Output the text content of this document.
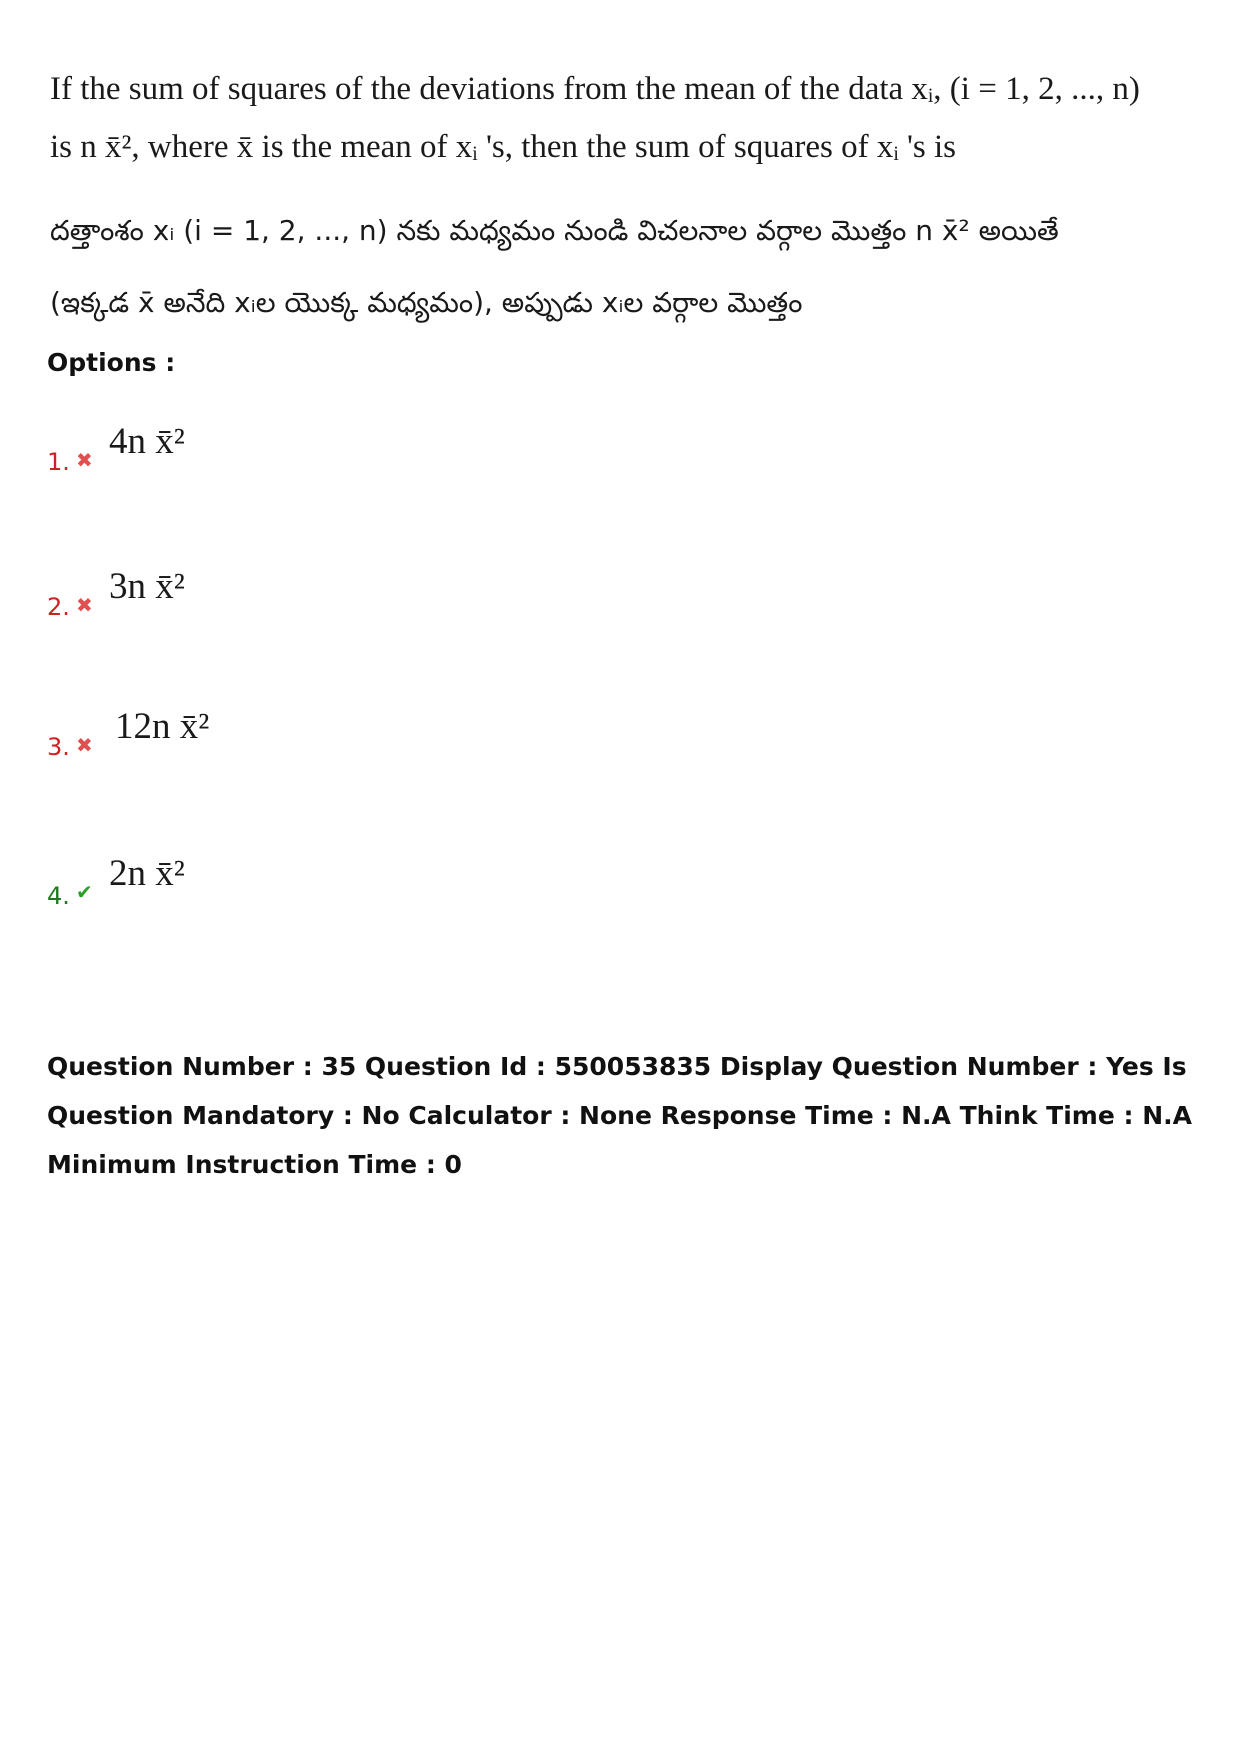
If the sum of squares of the deviations from the mean of the data xᵢ, (i = 1, 2, ..., n)
is n x̄², where x̄ is the mean of xᵢ 's, then the sum of squares of xᵢ 's is
దత్తాంశం xᵢ (i = 1, 2, ..., n) నకు మధ్యమం నుండి విచలనాల వర్గాల మొత్తం n x̄² అయితే
(ఇక్కడ x̄ అనేది xᵢల యొక్క మధ్యమం), అప్పుడు xᵢల వర్గాల మొత్తం
Options :
1. ✖ 4n x̄²
2. ✖ 3n x̄²
3. ✖ 12n x̄²
4. ✔ 2n x̄²
Question Number : 35 Question Id : 550053835 Display Question Number : Yes Is Question Mandatory : No Calculator : None Response Time : N.A Think Time : N.A Minimum Instruction Time : 0
